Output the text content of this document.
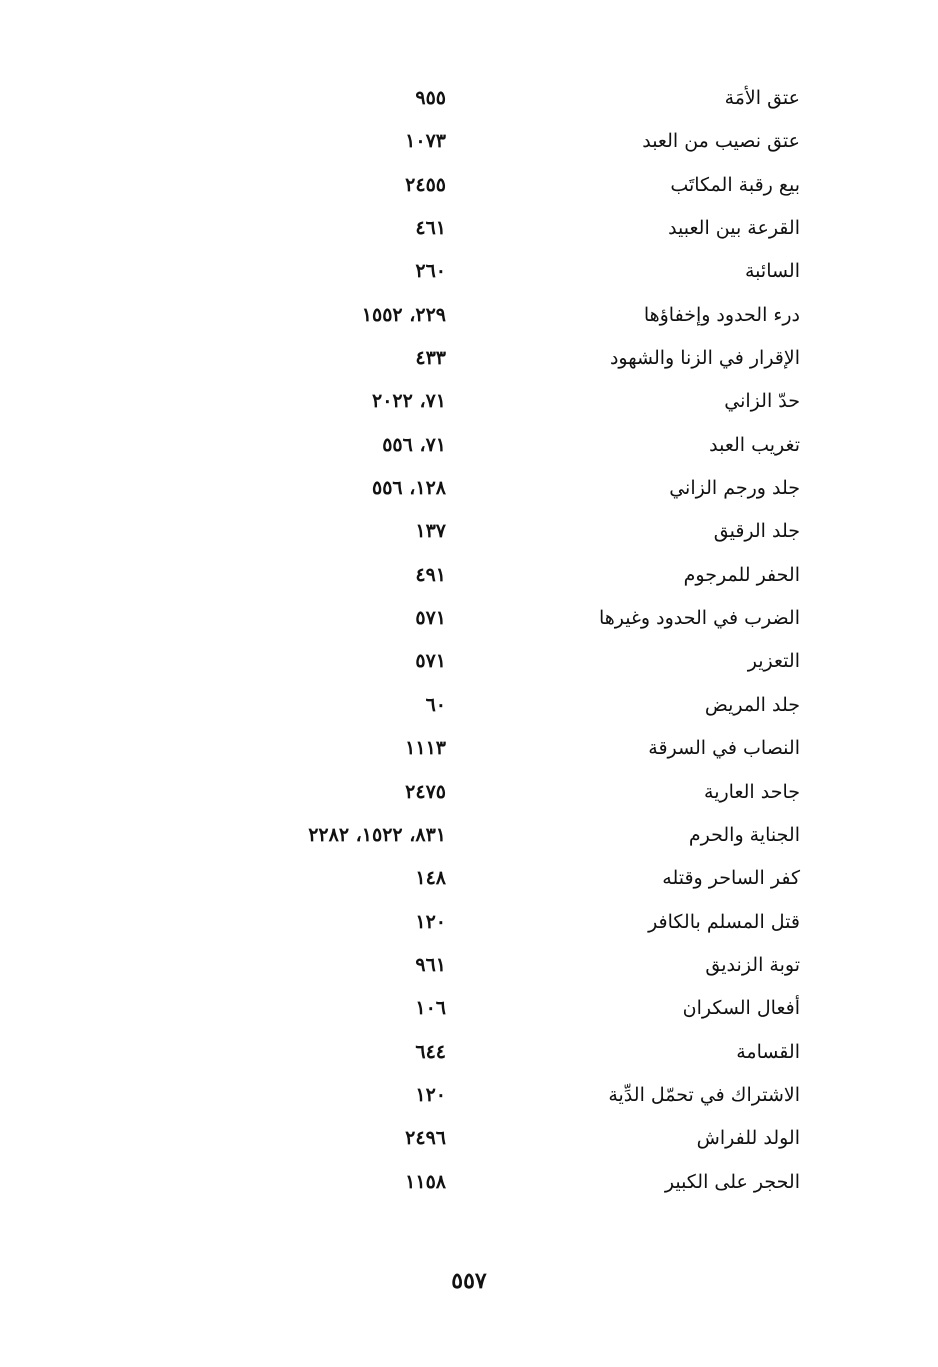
عتق الأمَة
٩٥٥
عتق نصيب من العبد
١٠٧٣
بيع رقبة المكاتَب
٢٤٥٥
القرعة بين العبيد
٤٦١
السائبة
٢٦٠
درء الحدود وإخفاؤها
٢٢٩، ١٥٥٢
الإقرار في الزنا والشهود
٤٣٣
حدّ الزاني
٧١، ٢٠٢٢
تغريب العبد
٧١، ٥٥٦
جلد ورجم الزاني
١٢٨، ٥٥٦
جلد الرقيق
١٣٧
الحفر للمرجوم
٤٩١
الضرب في الحدود وغيرها
٥٧١
التعزير
٥٧١
جلد المريض
٦٠
النصاب في السرقة
١١١٣
جاحد العارية
٢٤٧٥
الجناية والحرم
٨٣١، ١٥٢٢، ٢٢٨٢
كفر الساحر وقتله
١٤٨
قتل المسلم بالكافر
١٢٠
توبة الزنديق
٩٦١
أفعال السكران
١٠٦
القسامة
٦٤٤
الاشتراك في تحمّل الدِّية
١٢٠
الولد للفراش
٢٤٩٦
الحجر على الكبير
١١٥٨
٥٥٧
